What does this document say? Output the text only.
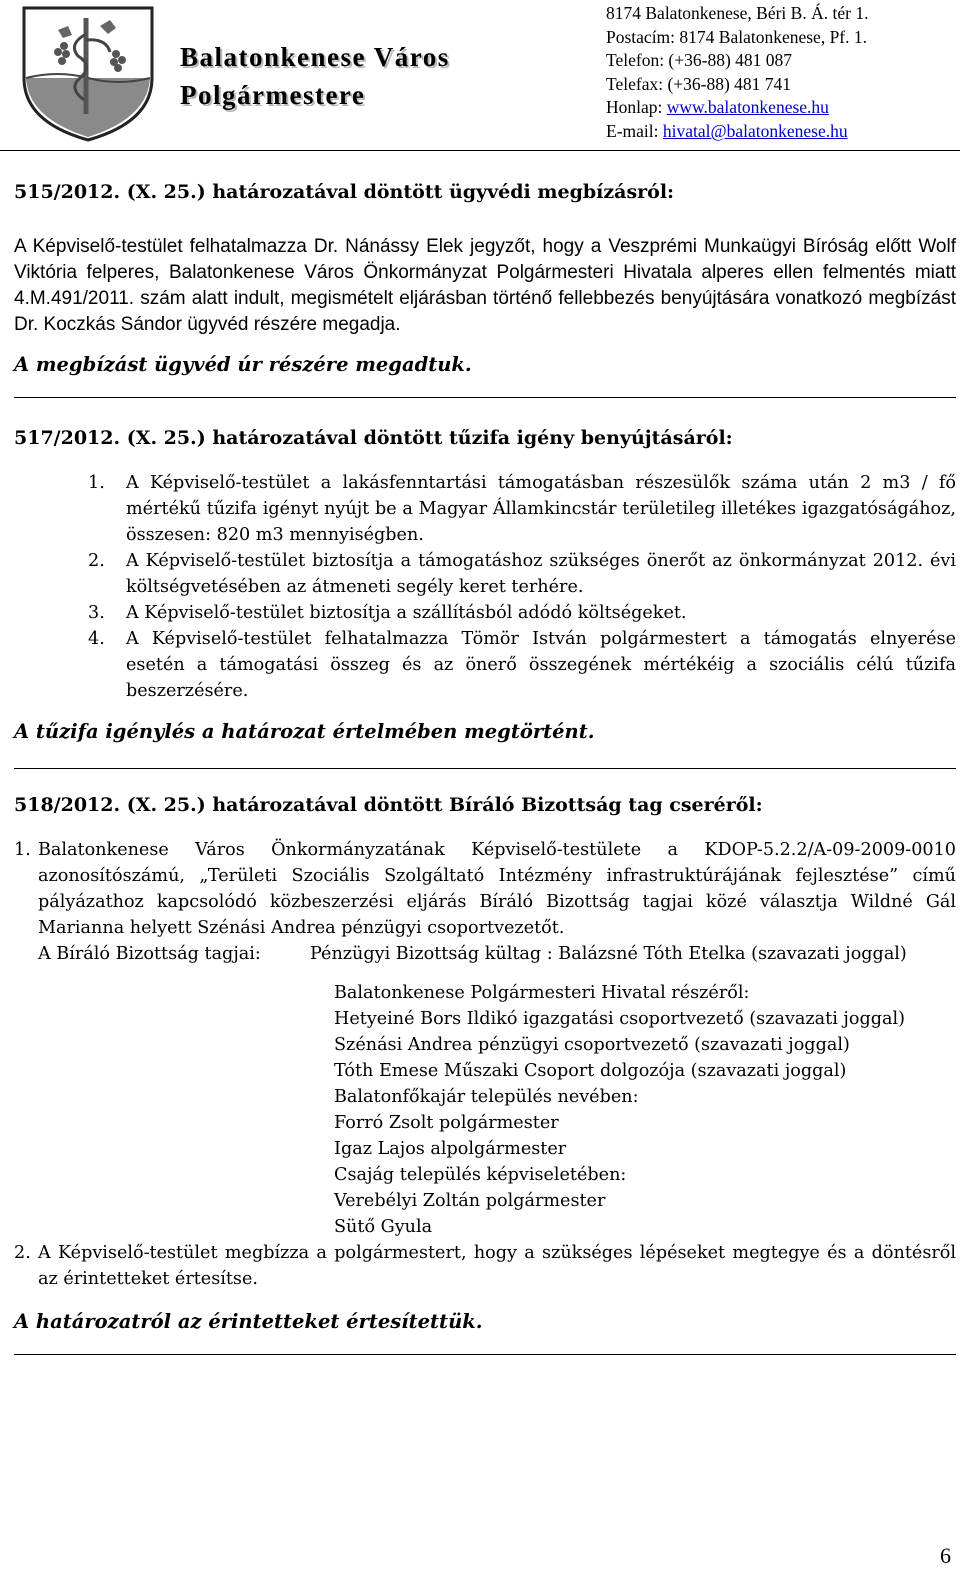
Balatonkenese Város
Polgármestere
8174 Balatonkenese, Béri B. Á. tér 1.
Postacím: 8174 Balatonkenese, Pf. 1.
Telefon: (+36-88) 481 087
Telefax: (+36-88) 481 741
Honlap: www.balatonkenese.hu
E-mail: hivatal@balatonkenese.hu

515/2012. (X. 25.) határozatával döntött ügyvédi megbízásról:

A Képviselő-testület felhatalmazza Dr. Nánássy Elek jegyzőt, hogy a Veszprémi Munkaügyi Bíróság előtt Wolf Viktória felperes, Balatonkenese Város Önkormányzat Polgármesteri Hivatala alperes ellen felmentés miatt 4.M.491/2011. szám alatt indult, megismételt eljárásban történő fellebbezés benyújtására vonatkozó megbízást Dr. Koczkás Sándor ügyvéd részére megadja.
A megbízást ügyvéd úr részére megadtuk.

517/2012. (X. 25.) határozatával döntött tűzifa igény benyújtásáról:

1. A Képviselő-testület a lakásfenntartási támogatásban részesülők száma után 2 m3 / fő mértékű tűzifa igényt nyújt be a Magyar Államkincstár területileg illetékes igazgatóságához, összesen: 820 m3 mennyiségben.
2. A Képviselő-testület biztosítja a támogatáshoz szükséges önerőt az önkormányzat 2012. évi költségvetésében az átmeneti segély keret terhére.
3. A Képviselő-testület biztosítja a szállításból adódó költségeket.
4. A Képviselő-testület felhatalmazza Tömör István polgármestert a támogatás elnyerése esetén a támogatási összeg és az önerő összegének mértékéig a szociális célú tűzifa beszerzésére.
A tűzifa igénylés a határozat értelmében megtörtént.

518/2012. (X. 25.) határozatával döntött Bíráló Bizottság tag cseréről:

1. Balatonkenese Város Önkormányzatának Képviselő-testülete a KDOP-5.2.2/A-09-2009-0010 azonosítószámú, „Területi Szociális Szolgáltató Intézmény infrastruktúrájának fejlesztése” című pályázathoz kapcsolódó közbeszerzési eljárás Bíráló Bizottság tagjai közé választja Wildné Gál Marianna helyett Szénási Andrea pénzügyi csoportvezetőt.
A Bíráló Bizottság tagjai:	Pénzügyi Bizottság kültag : Balázsné Tóth Etelka (szavazati joggal)
Balatonkenese Polgármesteri Hivatal részéről:
Hetyeiné Bors Ildikó igazgatási csoportvezető (szavazati joggal)
Szénási Andrea pénzügyi csoportvezető (szavazati joggal)
Tóth Emese Műszaki Csoport dolgozója (szavazati joggal)
Balatonfőkajár település nevében:
Forró Zsolt polgármester
Igaz Lajos alpolgármester
Csajág település képviseletében:
Verebélyi Zoltán polgármester
Sütő Gyula
2. A Képviselő-testület megbízza a polgármestert, hogy a szükséges lépéseket megtegye és a döntésről az érintetteket értesítse.
A határozatról az érintetteket értesítettük.
6
